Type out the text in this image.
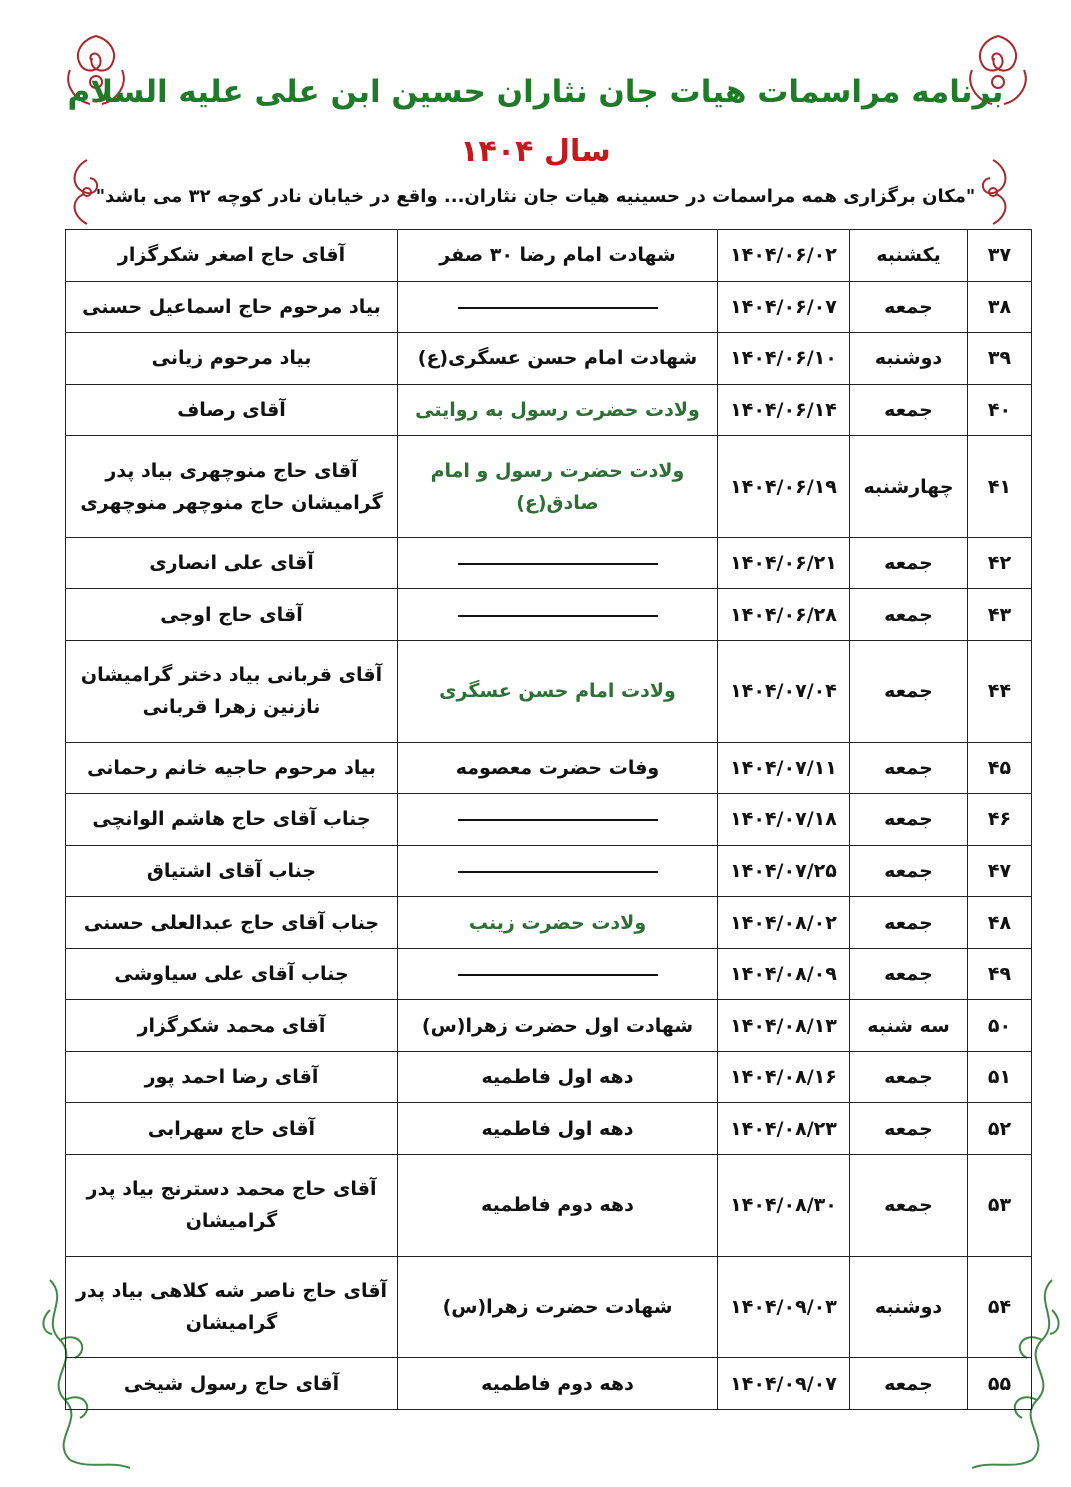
برنامه مراسمات هیات جان نثاران حسین ابن علی علیه السلام
سال ۱۴۰۴
"مکان برگزاری همه مراسمات در حسینیه هیات جان نثاران... واقع در خیابان نادر کوچه ۳۲ می باشد"
۳۷	یکشنبه	۱۴۰۴/۰۶/۰۲	شهادت امام رضا ۳۰ صفر	آقای حاج اصغر شکرگزار
۳۸	جمعه	۱۴۰۴/۰۶/۰۷		بیاد مرحوم حاج اسماعیل حسنی
۳۹	دوشنبه	۱۴۰۴/۰۶/۱۰	شهادت امام حسن عسگری(ع)	بیاد مرحوم زیانی
۴۰	جمعه	۱۴۰۴/۰۶/۱۴	ولادت حضرت رسول به روایتی	آقای رصاف
۴۱	چهارشنبه	۱۴۰۴/۰۶/۱۹	ولادت حضرت رسول و امام صادق(ع)	آقای حاج منوچهری بیاد پدر گرامیشان حاج منوچهر منوچهری
۴۲	جمعه	۱۴۰۴/۰۶/۲۱		آقای علی انصاری
۴۳	جمعه	۱۴۰۴/۰۶/۲۸		آقای حاج اوجی
۴۴	جمعه	۱۴۰۴/۰۷/۰۴	ولادت امام حسن عسگری	آقای قربانی بیاد دختر گرامیشان نازنین زهرا قربانی
۴۵	جمعه	۱۴۰۴/۰۷/۱۱	وفات حضرت معصومه	بیاد مرحوم حاجیه خانم رحمانی
۴۶	جمعه	۱۴۰۴/۰۷/۱۸		جناب آقای حاج هاشم الوانچی
۴۷	جمعه	۱۴۰۴/۰۷/۲۵		جناب آقای اشتیاق
۴۸	جمعه	۱۴۰۴/۰۸/۰۲	ولادت حضرت زینب	جناب آقای حاج عبدالعلی حسنی
۴۹	جمعه	۱۴۰۴/۰۸/۰۹		جناب آقای علی سیاوشی
۵۰	سه شنبه	۱۴۰۴/۰۸/۱۳	شهادت اول حضرت زهرا(س)	آقای محمد شکرگزار
۵۱	جمعه	۱۴۰۴/۰۸/۱۶	دهه اول فاطمیه	آقای رضا احمد پور
۵۲	جمعه	۱۴۰۴/۰۸/۲۳	دهه اول فاطمیه	آقای حاج سهرابی
۵۳	جمعه	۱۴۰۴/۰۸/۳۰	دهه دوم فاطمیه	آقای حاج محمد دسترنج بیاد پدر گرامیشان
۵۴	دوشنبه	۱۴۰۴/۰۹/۰۳	شهادت حضرت زهرا(س)	آقای حاج ناصر شه کلاهی بیاد پدر گرامیشان
۵۵	جمعه	۱۴۰۴/۰۹/۰۷	دهه دوم فاطمیه	آقای حاج رسول شیخی
